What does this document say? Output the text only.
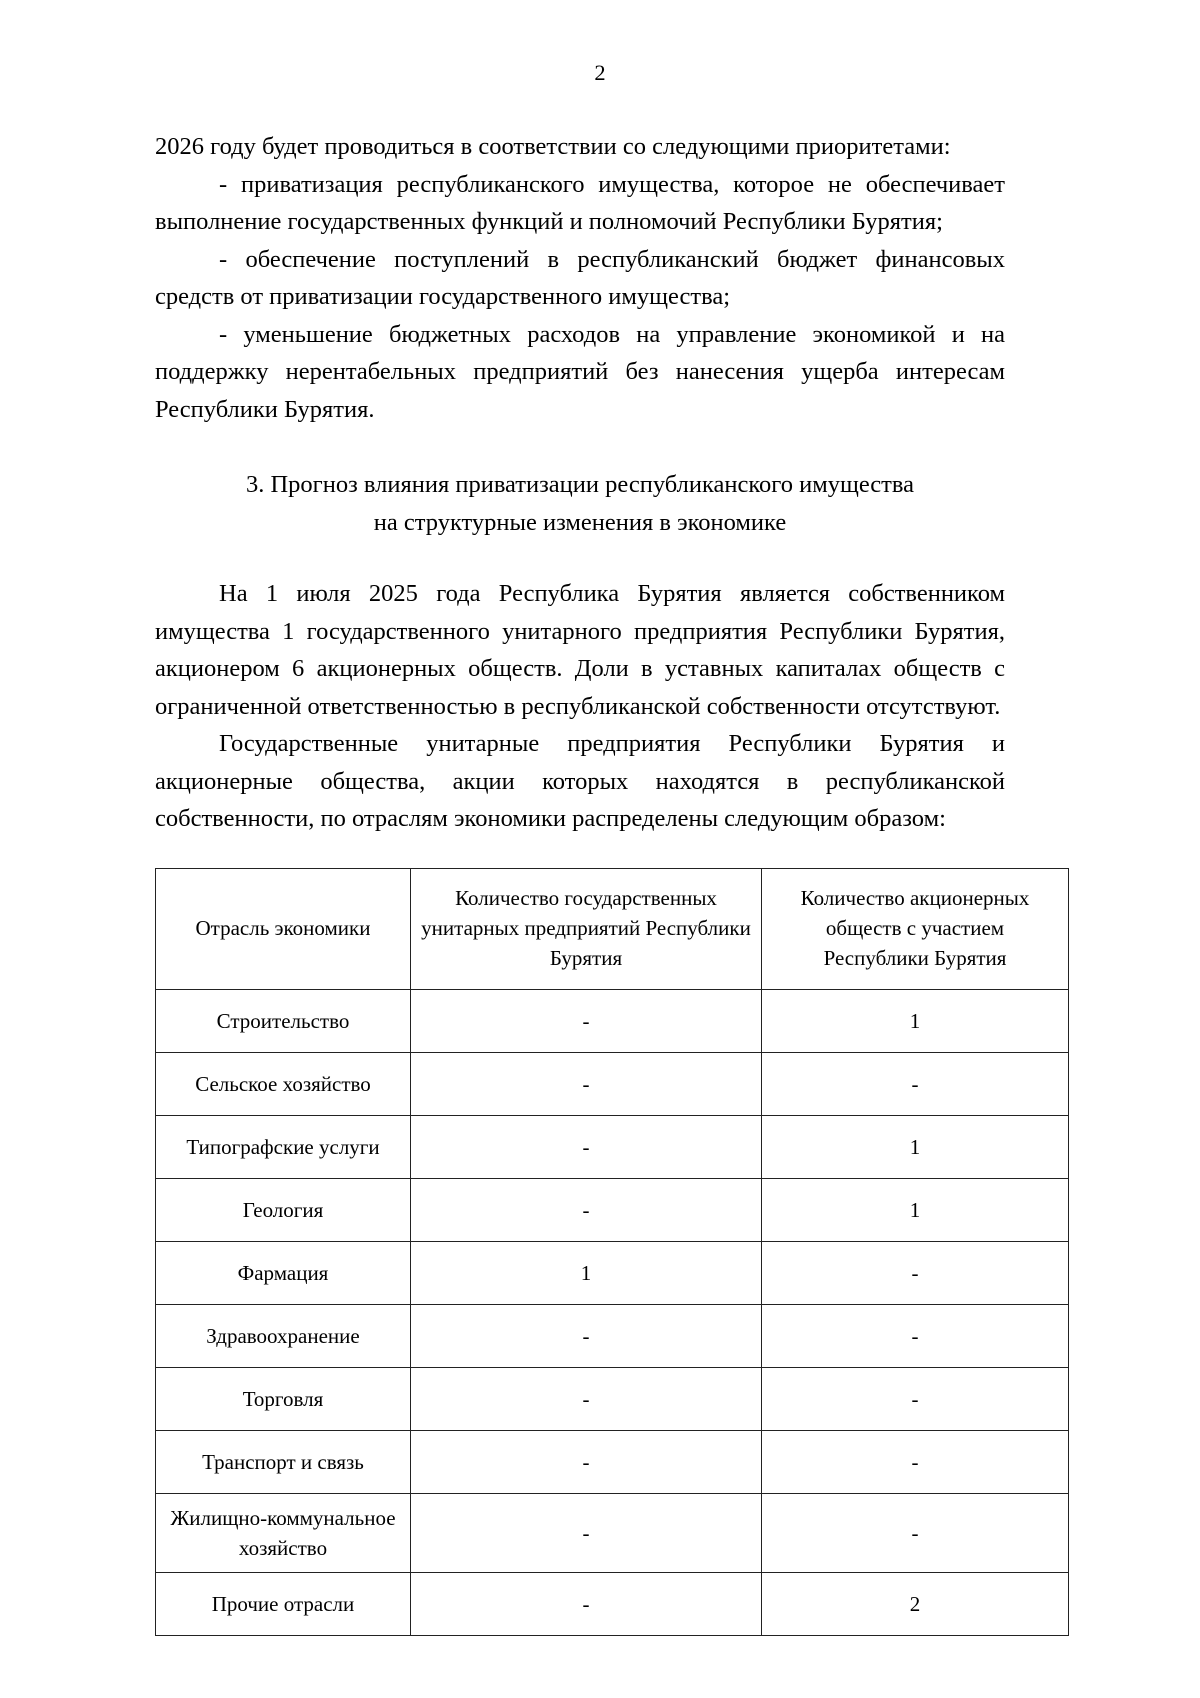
2

2026 году будет проводиться в соответствии со следующими приоритетами:

- приватизация республиканского имущества, которое не обеспечивает выполнение государственных функций и полномочий Республики Бурятия;

- обеспечение поступлений в республиканский бюджет финансовых средств от приватизации государственного имущества;

- уменьшение бюджетных расходов на управление экономикой и на поддержку нерентабельных предприятий без нанесения ущерба интересам Республики Бурятия.

3. Прогноз влияния приватизации республиканского имущества
на структурные изменения в экономике

На 1 июля 2025 года Республика Бурятия является собственником имущества 1 государственного унитарного предприятия Республики Бурятия, акционером 6 акционерных обществ. Доли в уставных капиталах обществ с ограниченной ответственностью в республиканской собственности отсутствуют.

Государственные унитарные предприятия Республики Бурятия и акционерные общества, акции которых находятся в республиканской собственности, по отраслям экономики распределены следующим образом:

Отрасль экономики	Количество государственных унитарных предприятий Республики Бурятия	Количество акционерных обществ с участием Республики Бурятия
Строительство	-	1
Сельское хозяйство	-	-
Типографские услуги	-	1
Геология	-	1
Фармация	1	-
Здравоохранение	-	-
Торговля	-	-
Транспорт и связь	-	-
Жилищно-коммунальное хозяйство	-	-
Прочие отрасли	-	2
